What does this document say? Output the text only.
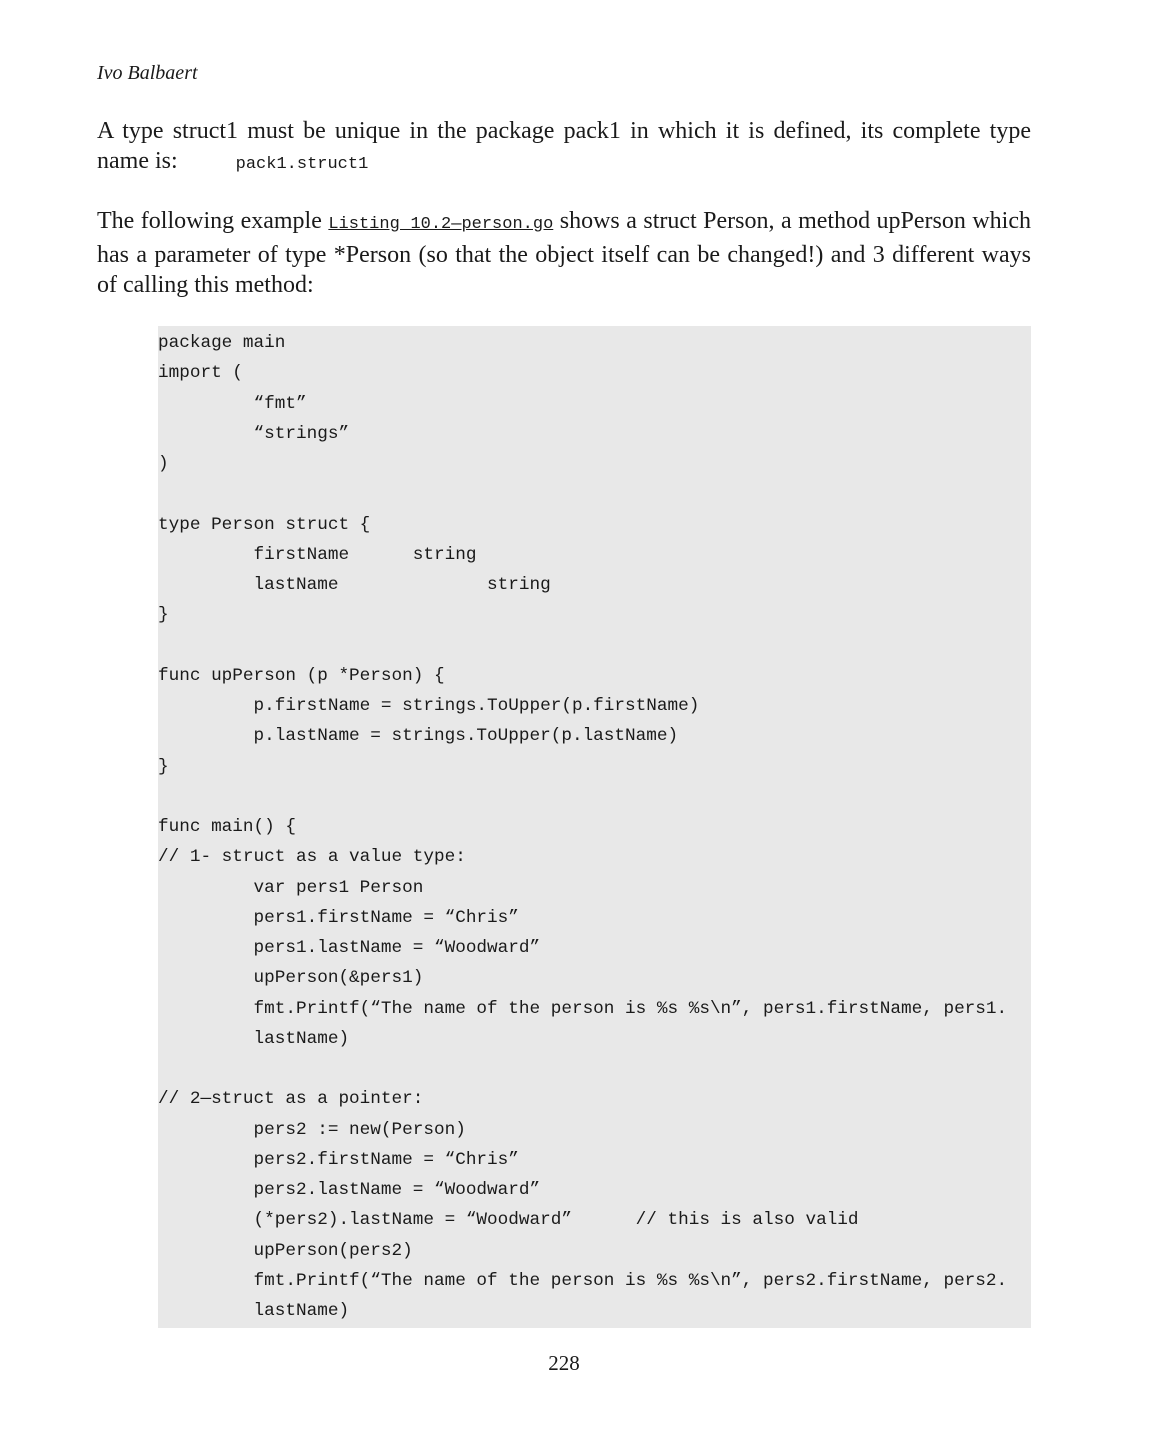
Ivo Balbaert
A type struct1 must be unique in the package pack1 in which it is defined, its complete type name is:	pack1.struct1
The following example Listing 10.2—person.go shows a struct Person, a method upPerson which has a parameter of type *Person (so that the object itself can be changed!) and 3 different ways of calling this method:
package main
import (
“fmt”
“strings”
)
type Person struct {
firstName      string
lastName              string
}
func upPerson (p *Person) {
p.firstName = strings.ToUpper(p.firstName)
p.lastName = strings.ToUpper(p.lastName)
}
func main() {
// 1- struct as a value type:
var pers1 Person
pers1.firstName = “Chris”
pers1.lastName = “Woodward”
upPerson(&pers1)
fmt.Printf(“The name of the person is %s %s\n”, pers1.firstName, pers1.
lastName)
// 2—struct as a pointer:
pers2 := new(Person)
pers2.firstName = “Chris”
pers2.lastName = “Woodward”
(*pers2).lastName = “Woodward”      // this is also valid
upPerson(pers2)
fmt.Printf(“The name of the person is %s %s\n”, pers2.firstName, pers2.
lastName)
228
